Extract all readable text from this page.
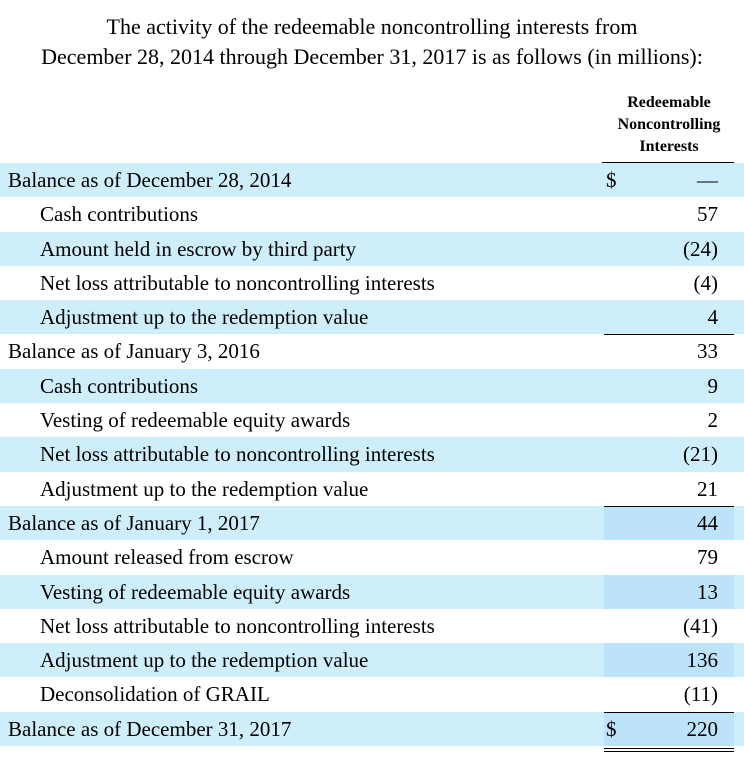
The activity of the redeemable noncontrolling interests from
December 28, 2014 through December 31, 2017 is as follows (in millions):
Redeemable
Noncontrolling
Interests
Balance as of December 28, 2014	$	—
Cash contributions	57
Amount held in escrow by third party	(24)
Net loss attributable to noncontrolling interests	(4)
Adjustment up to the redemption value	4
Balance as of January 3, 2016	33
Cash contributions	9
Vesting of redeemable equity awards	2
Net loss attributable to noncontrolling interests	(21)
Adjustment up to the redemption value	21
Balance as of January 1, 2017	44
Amount released from escrow	79
Vesting of redeemable equity awards	13
Net loss attributable to noncontrolling interests	(41)
Adjustment up to the redemption value	136
Deconsolidation of GRAIL	(11)
Balance as of December 31, 2017	$	220
